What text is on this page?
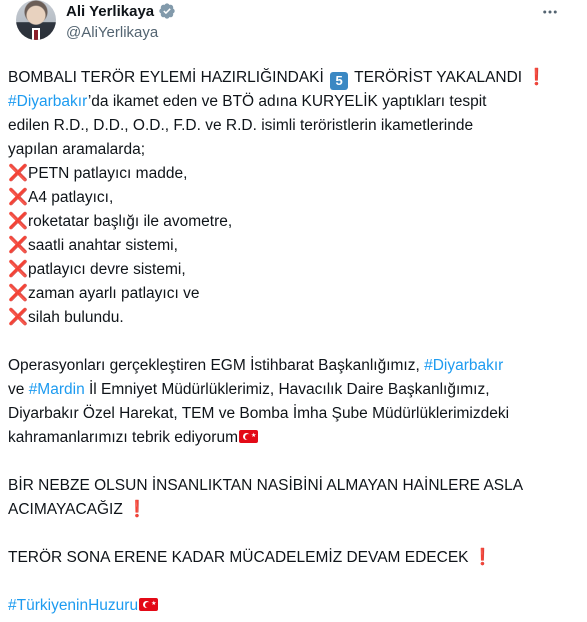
Ali Yerlikaya
@AliYerlikaya
BOMBALI TERÖR EYLEMİ HAZIRLIĞINDAKİ 5 TERÖRİST YAKALANDI ❗
#Diyarbakır’da ikamet eden ve BTÖ adına KURYELİK yaptıkları tespit
edilen R.D., D.D., O.D., F.D. ve R.D. isimli teröristlerin ikametlerinde
yapılan aramalarda;
❌PETN patlayıcı madde,
❌A4 patlayıcı,
❌roketatar başlığı ile avometre,
❌saatli anahtar sistemi,
❌patlayıcı devre sistemi,
❌zaman ayarlı patlayıcı ve
❌silah bulundu.
Operasyonları gerçekleştiren EGM İstihbarat Başkanlığımız, #Diyarbakır
ve #Mardin İl Emniyet Müdürlüklerimiz, Havacılık Daire Başkanlığımız,
Diyarbakır Özel Harekat, TEM ve Bomba İmha Şube Müdürlüklerimizdeki
kahramanlarımızı tebrik ediyorum ★
BİR NEBZE OLSUN İNSANLIKTAN NASİBİNİ ALMAYAN HAİNLERE ASLA
ACIMAYACAĞIZ ❗
TERÖR SONA ERENE KADAR MÜCADELEMİZ DEVAM EDECEK ❗
#TürkiyeninHuzuru ★
